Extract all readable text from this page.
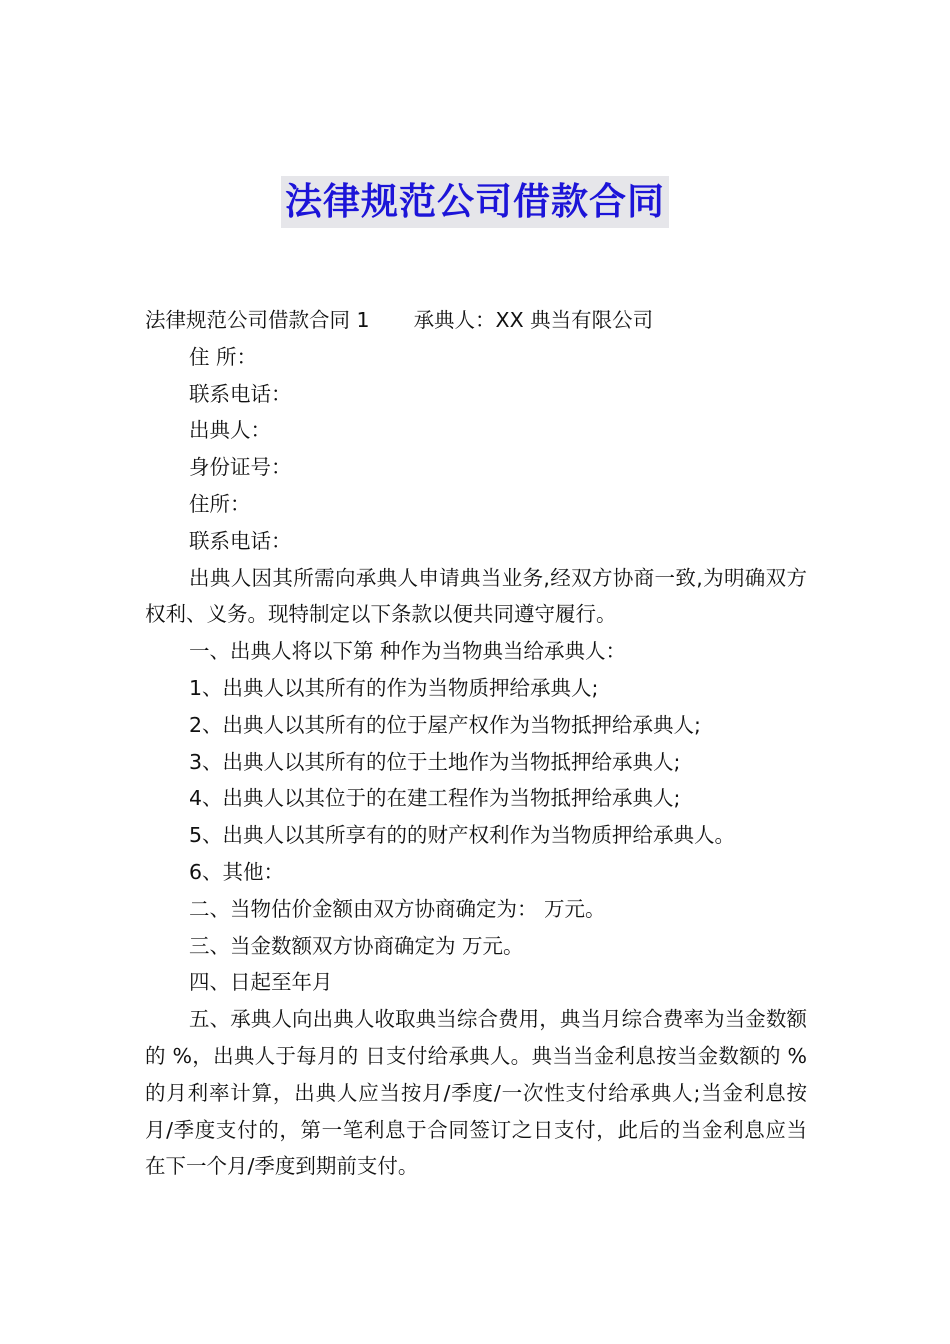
法律规范公司借款合同
法律规范公司借款合同 1 承典人：XX 典当有限公司
住 所：
联系电话：
出典人：
身份证号：
住所：
联系电话：
出典人因其所需向承典人申请典当业务,经双方协商一致,为明确双方权利、义务。现特制定以下条款以便共同遵守履行。
一、出典人将以下第 种作为当物典当给承典人：
1、出典人以其所有的作为当物质押给承典人;
2、出典人以其所有的位于屋产权作为当物抵押给承典人;
3、出典人以其所有的位于土地作为当物抵押给承典人;
4、出典人以其位于的在建工程作为当物抵押给承典人;
5、出典人以其所享有的的财产权利作为当物质押给承典人。
6、其他：
二、当物估价金额由双方协商确定为： 万元。
三、当金数额双方协商确定为 万元。
四、日起至年月
五、承典人向出典人收取典当综合费用，典当月综合费率为当金数额的 %，出典人于每月的 日支付给承典人。典当当金利息按当金数额的 %的月利率计算，出典人应当按月/季度/一次性支付给承典人;当金利息按月/季度支付的，第一笔利息于合同签订之日支付，此后的当金利息应当在下一个月/季度到期前支付。
